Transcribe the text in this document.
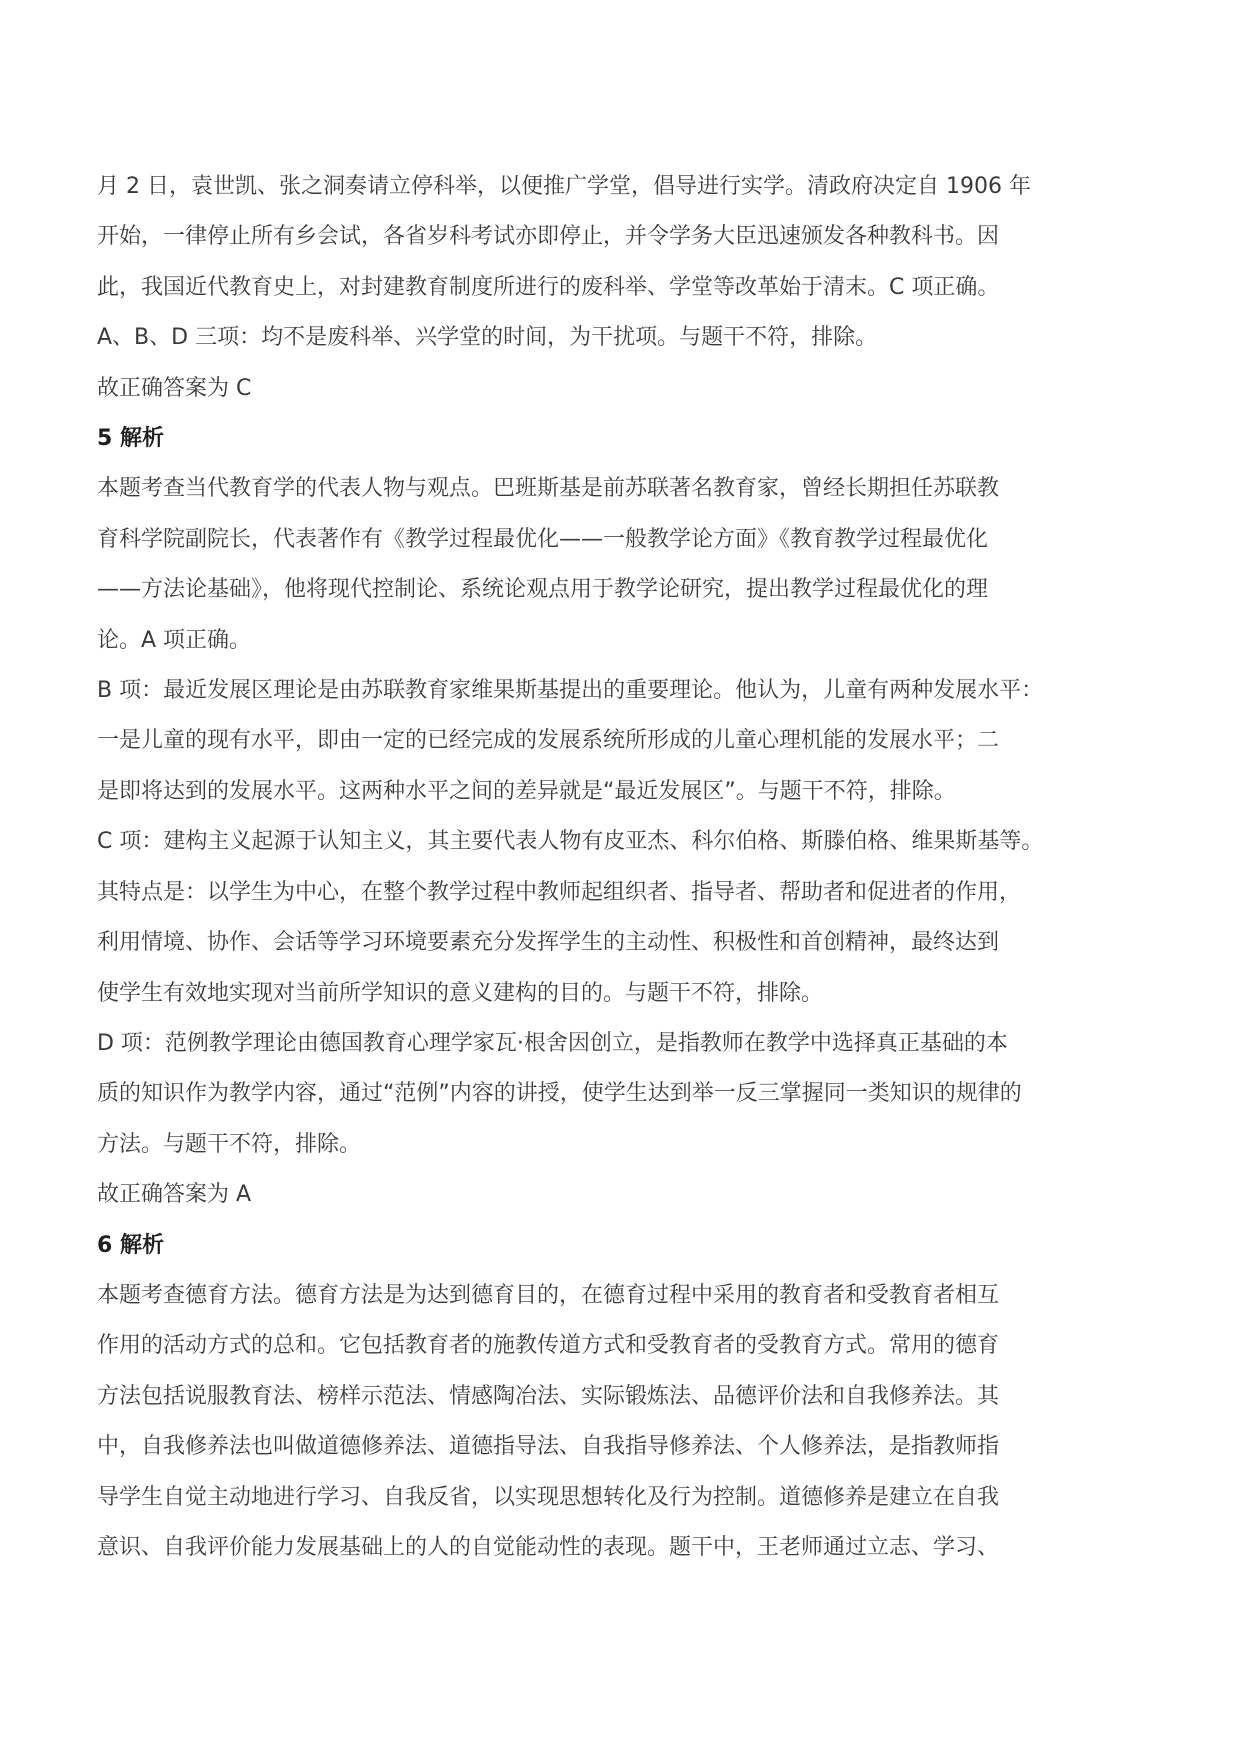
月 2 日，袁世凯、张之洞奏请立停科举，以便推广学堂，倡导进行实学。清政府决定自 1906 年
开始，一律停止所有乡会试，各省岁科考试亦即停止，并令学务大臣迅速颁发各种教科书。因
此，我国近代教育史上，对封建教育制度所进行的废科举、学堂等改革始于清末。C 项正确。

A、B、D 三项：均不是废科举、兴学堂的时间，为干扰项。与题干不符，排除。

故正确答案为 C

5 解析

本题考查当代教育学的代表人物与观点。巴班斯基是前苏联著名教育家，曾经长期担任苏联教
育科学院副院长，代表著作有《教学过程最优化——一般教学论方面》《教育教学过程最优化
——方法论基础》，他将现代控制论、系统论观点用于教学论研究，提出教学过程最优化的理
论。A 项正确。

B 项：最近发展区理论是由苏联教育家维果斯基提出的重要理论。他认为，儿童有两种发展水平：
一是儿童的现有水平，即由一定的已经完成的发展系统所形成的儿童心理机能的发展水平；二
是即将达到的发展水平。这两种水平之间的差异就是“最近发展区”。与题干不符，排除。

C 项：建构主义起源于认知主义，其主要代表人物有皮亚杰、科尔伯格、斯滕伯格、维果斯基等。
其特点是：以学生为中心，在整个教学过程中教师起组织者、指导者、帮助者和促进者的作用，
利用情境、协作、会话等学习环境要素充分发挥学生的主动性、积极性和首创精神，最终达到
使学生有效地实现对当前所学知识的意义建构的目的。与题干不符，排除。

D 项：范例教学理论由德国教育心理学家瓦·根舍因创立，是指教师在教学中选择真正基础的本
质的知识作为教学内容，通过“范例”内容的讲授，使学生达到举一反三掌握同一类知识的规律的
方法。与题干不符，排除。

故正确答案为 A

6 解析

本题考查德育方法。德育方法是为达到德育目的，在德育过程中采用的教育者和受教育者相互
作用的活动方式的总和。它包括教育者的施教传道方式和受教育者的受教育方式。常用的德育
方法包括说服教育法、榜样示范法、情感陶冶法、实际锻炼法、品德评价法和自我修养法。其
中，自我修养法也叫做道德修养法、道德指导法、自我指导修养法、个人修养法，是指教师指
导学生自觉主动地进行学习、自我反省，以实现思想转化及行为控制。道德修养是建立在自我
意识、自我评价能力发展基础上的人的自觉能动性的表现。题干中，王老师通过立志、学习、
